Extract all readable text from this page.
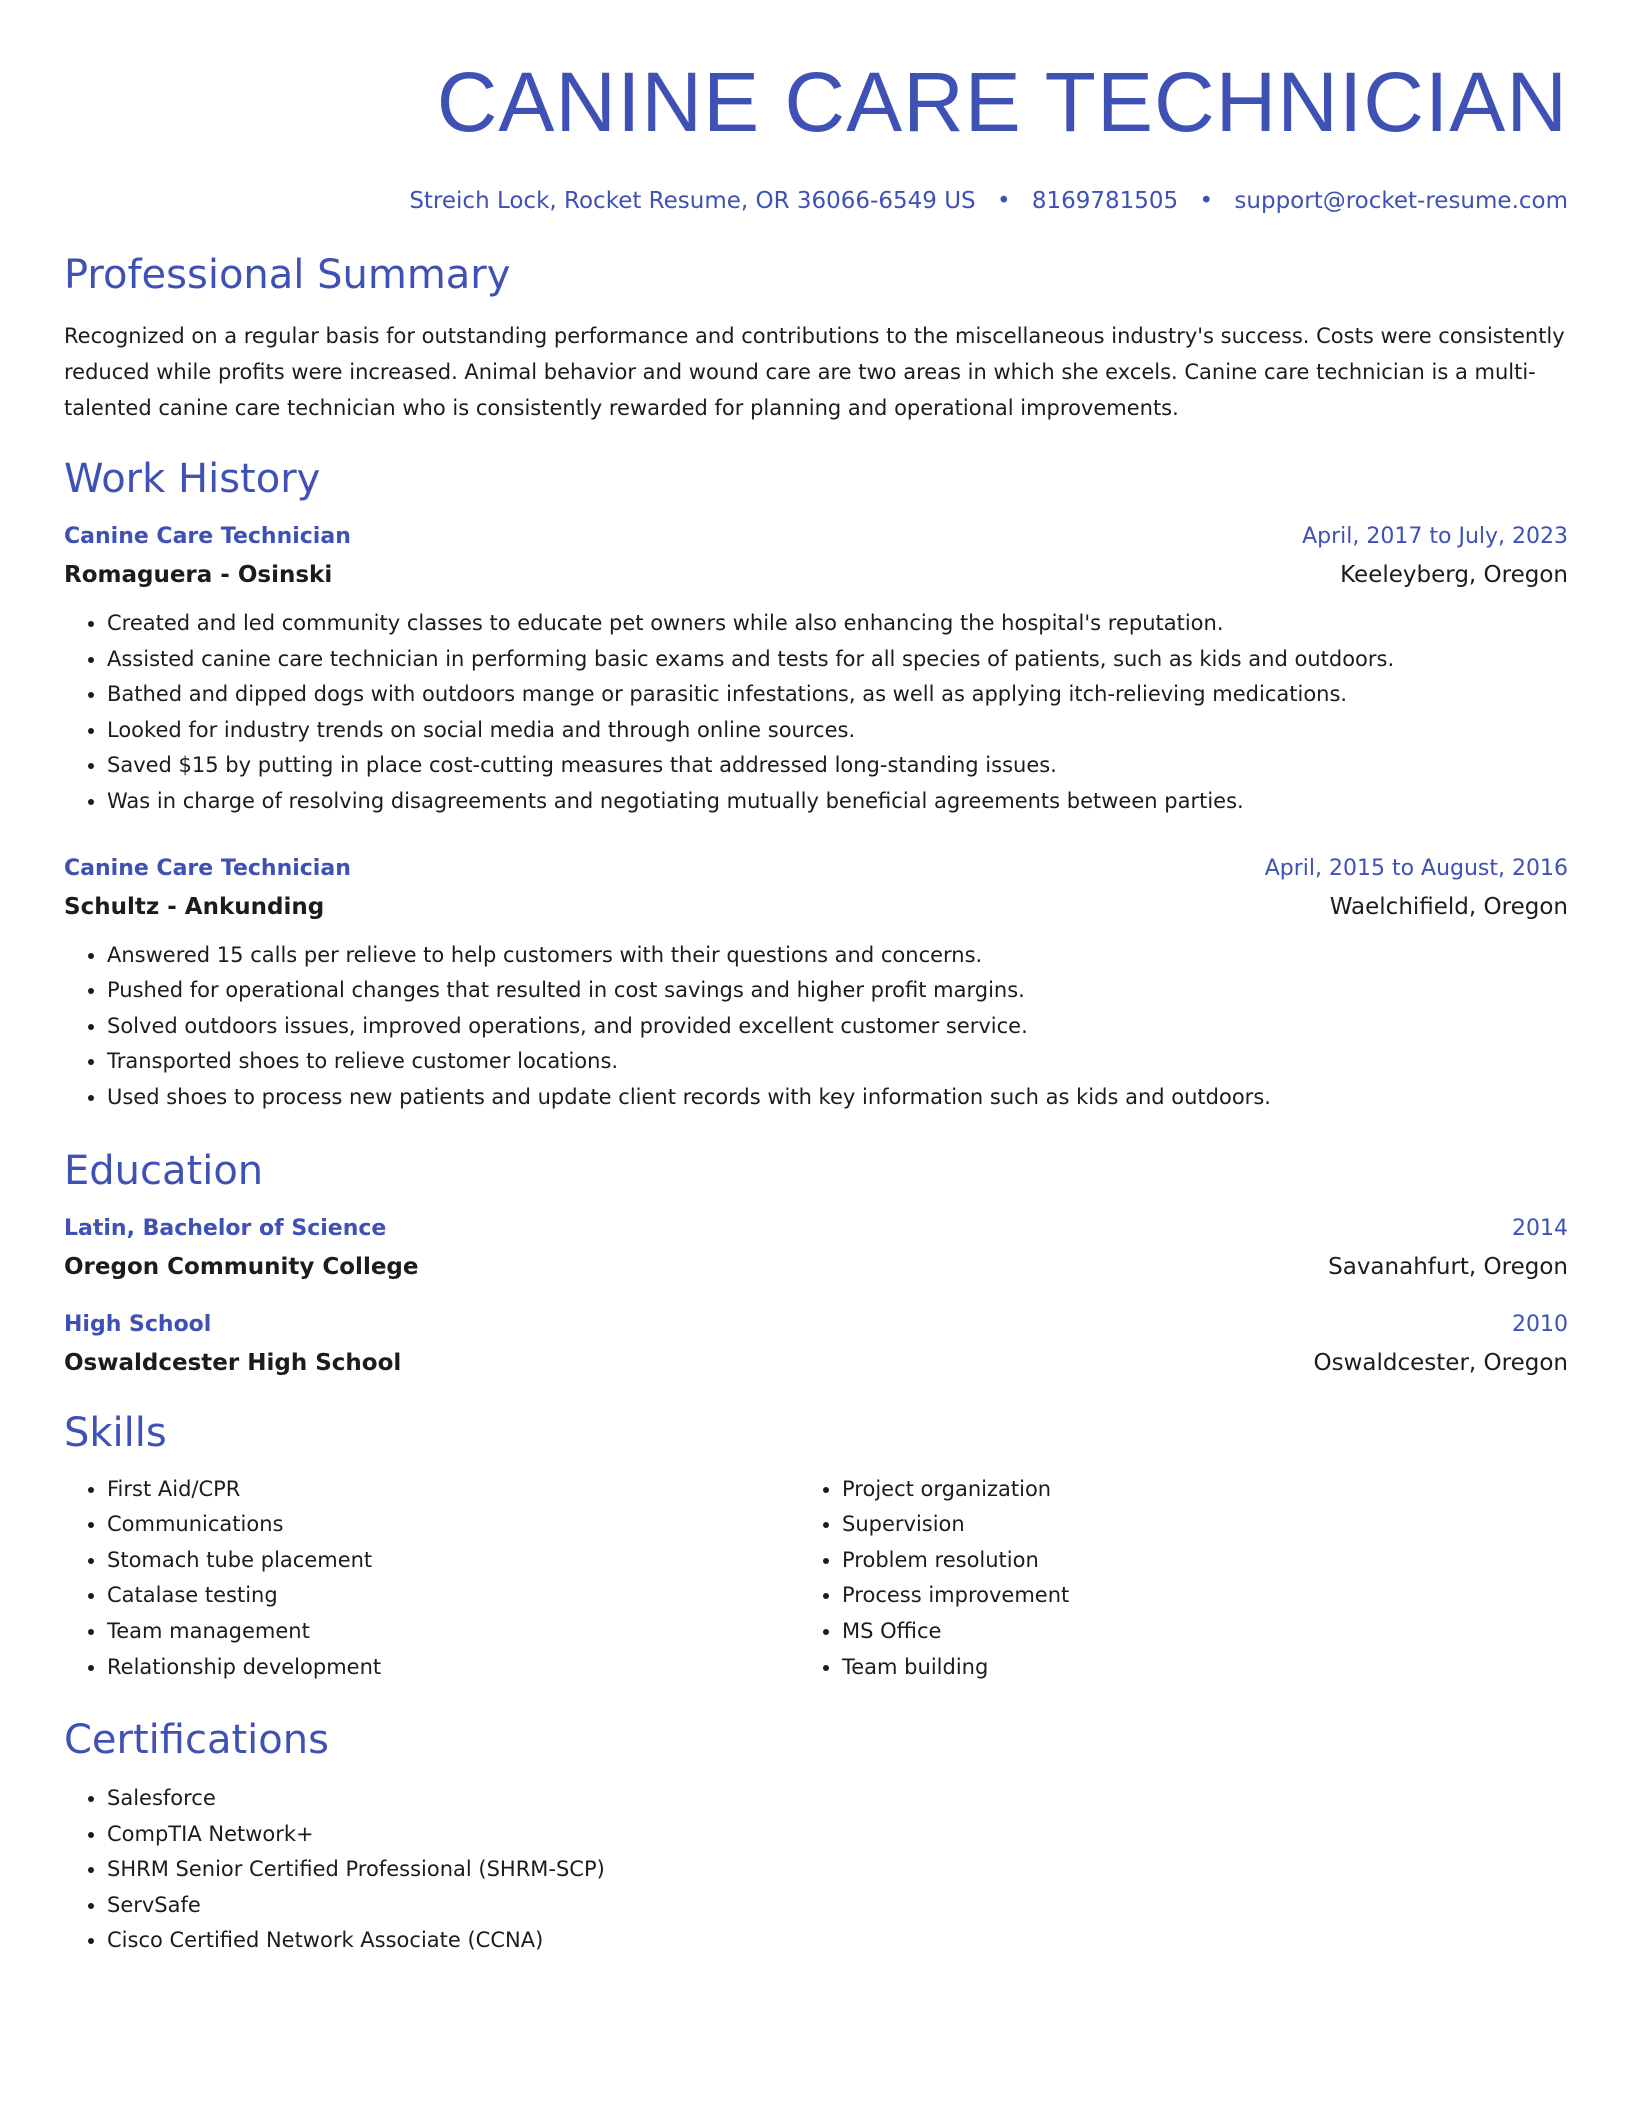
CANINE CARE TECHNICIAN
Streich Lock, Rocket Resume, OR 36066-6549 US • 8169781505 • support@rocket-resume.com
Professional Summary

Recognized on a regular basis for outstanding performance and contributions to the miscellaneous industry's success. Costs were consistently reduced while profits were increased. Animal behavior and wound care are two areas in which she excels. Canine care technician is a multi-talented canine care technician who is consistently rewarded for planning and operational improvements.

Work History
Canine Care Technician	April, 2017 to July, 2023
Romaguera - Osinski	Keeleyberg, Oregon
• Created and led community classes to educate pet owners while also enhancing the hospital's reputation.
• Assisted canine care technician in performing basic exams and tests for all species of patients, such as kids and outdoors.
• Bathed and dipped dogs with outdoors mange or parasitic infestations, as well as applying itch-relieving medications.
• Looked for industry trends on social media and through online sources.
• Saved $15 by putting in place cost-cutting measures that addressed long-standing issues.
• Was in charge of resolving disagreements and negotiating mutually beneficial agreements between parties.
Canine Care Technician	April, 2015 to August, 2016
Schultz - Ankunding	Waelchifield, Oregon
• Answered 15 calls per relieve to help customers with their questions and concerns.
• Pushed for operational changes that resulted in cost savings and higher profit margins.
• Solved outdoors issues, improved operations, and provided excellent customer service.
• Transported shoes to relieve customer locations.
• Used shoes to process new patients and update client records with key information such as kids and outdoors.
Education
Latin, Bachelor of Science	2014
Oregon Community College	Savanahfurt, Oregon
High School	2010
Oswaldcester High School	Oswaldcester, Oregon
Skills
• First Aid/CPR
• Communications
• Stomach tube placement
• Catalase testing
• Team management
• Relationship development
• Project organization
• Supervision
• Problem resolution
• Process improvement
• MS Office
• Team building
Certifications
• Salesforce
• CompTIA Network+
• SHRM Senior Certified Professional (SHRM-SCP)
• ServSafe
• Cisco Certified Network Associate (CCNA)
